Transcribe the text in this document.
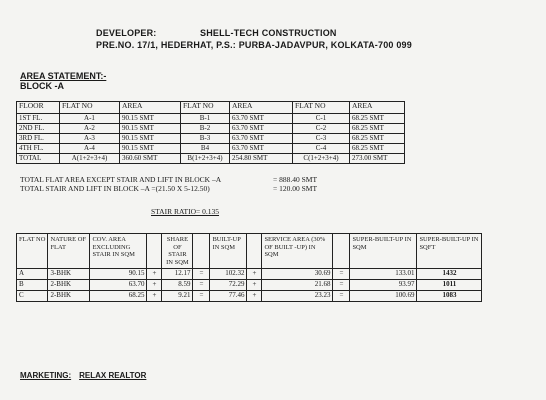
DEVELOPER:	SHELL-TECH CONSTRUCTION
PRE.NO. 17/1, HEDERHAT, P.S.: PURBA-JADAVPUR, KOLKATA-700 099
AREA STATEMENT:-
BLOCK -A
FLOOR	FLAT NO	AREA	FLAT NO	AREA	FLAT NO	AREA
1ST FL.	A-1	90.15 SMT	B-1	63.70 SMT	C-1	68.25 SMT
2ND FL.	A-2	90.15 SMT	B-2	63.70 SMT	C-2	68.25 SMT
3RD FL.	A-3	90.15 SMT	B-3	63.70 SMT	C-3	68.25 SMT
4TH FL.	A-4	90.15 SMT	B4	63.70 SMT	C-4	68.25 SMT
TOTAL	A(1+2+3+4)	360.60 SMT	B(1+2+3+4)	254.80 SMT	C(1+2+3+4)	273.00 SMT
TOTAL FLAT AREA EXCEPT STAIR AND LIFT IN BLOCK –A	= 888.40 SMT
TOTAL STAIR AND LIFT IN BLOCK –A =(21.50 X 5-12.50)	= 120.00 SMT
STAIR RATIO= 0.135
FLAT NO	NATURE OF FLAT	COV. AREA EXCLUDING STAIR IN SQM		SHARE OF STAIR IN SQM		BUILT-UP IN SQM		SERVICE AREA (30% OF BUILT -UP) IN SQM		SUPER-BUILT-UP IN SQM	SUPER-BUILT-UP IN SQFT
A	3-BHK	90.15	+	12.17	=	102.32	+	30.69	=	133.01	1432
B	2-BHK	63.70	+	8.59	=	72.29	+	21.68	=	93.97	1011
C	2-BHK	68.25	+	9.21	=	77.46	+	23.23	=	100.69	1083
MARKETING: RELAX REALTOR
